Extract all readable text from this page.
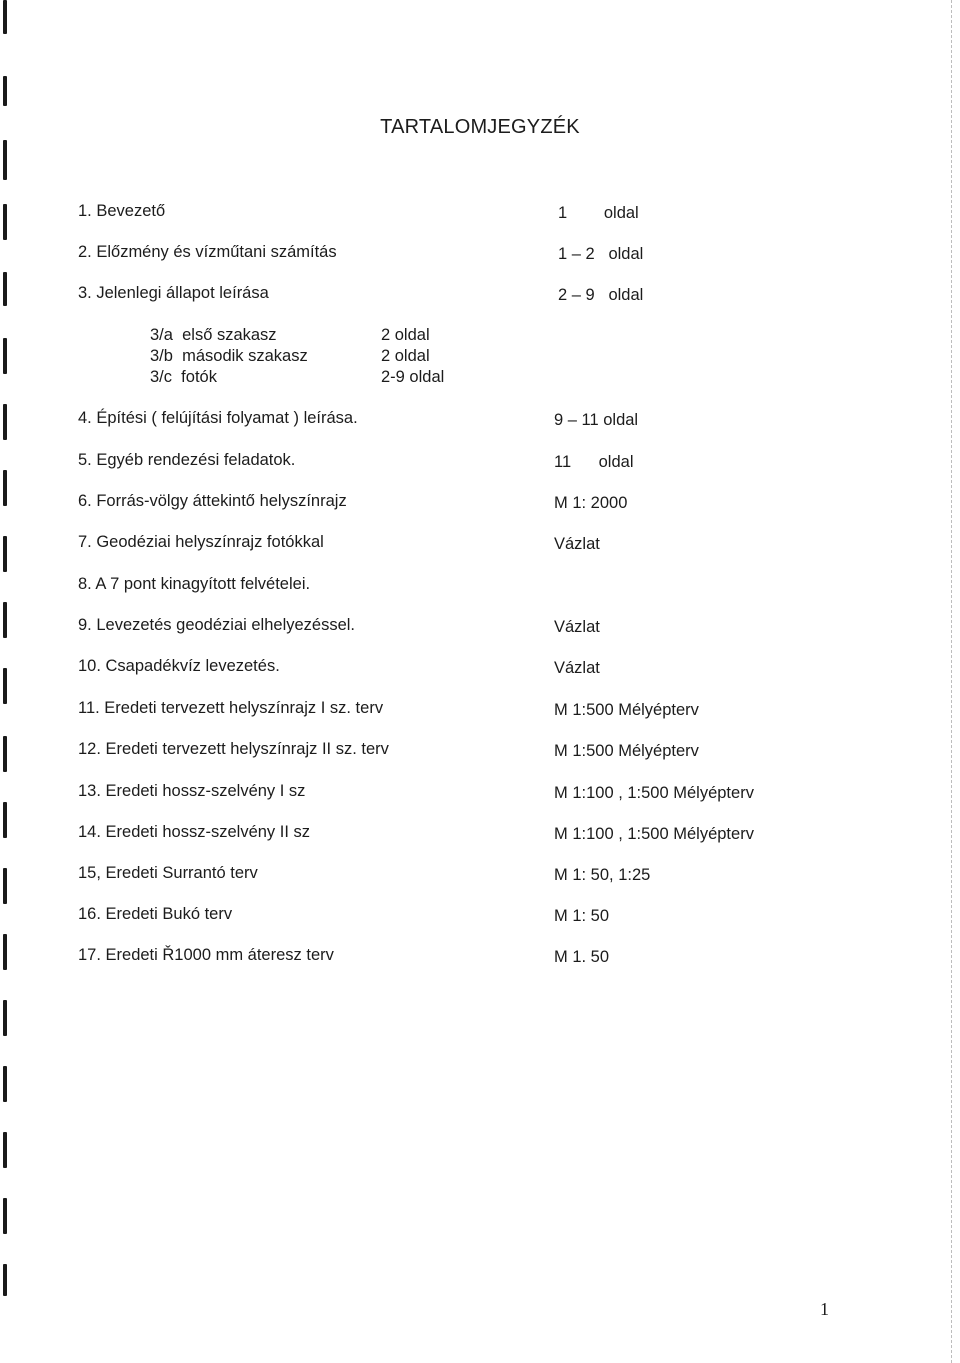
TARTALOMJEGYZÉK
1. Bevezető	1        oldal
2. Előzmény és vízműtani számítás	1 – 2   oldal
3. Jelenlegi állapot leírása	2 – 9   oldal
3/a  első szakasz	2 oldal
3/b  második szakasz	2 oldal
3/c  fotók	2-9 oldal
4. Építési ( felújítási folyamat ) leírása.	9 – 11 oldal
5. Egyéb rendezési feladatok.	11      oldal
6. Forrás-völgy áttekintő helyszínrajz	M 1: 2000
7. Geodéziai helyszínrajz fotókkal	Vázlat
8. A 7 pont kinagyított felvételei.
9. Levezetés geodéziai elhelyezéssel.	Vázlat
10. Csapadékvíz levezetés.	Vázlat
11. Eredeti tervezett helyszínrajz I sz. terv	M 1:500 Mélyépterv
12. Eredeti tervezett helyszínrajz II sz. terv	M 1:500 Mélyépterv
13. Eredeti hossz-szelvény I sz	M 1:100 , 1:500 Mélyépterv
14. Eredeti hossz-szelvény II sz	M 1:100 , 1:500 Mélyépterv
15, Eredeti Surrantó terv	M 1: 50, 1:25
16. Eredeti Bukó terv	M 1: 50
17. Eredeti Ř1000 mm áteresz terv	M 1. 50
1
